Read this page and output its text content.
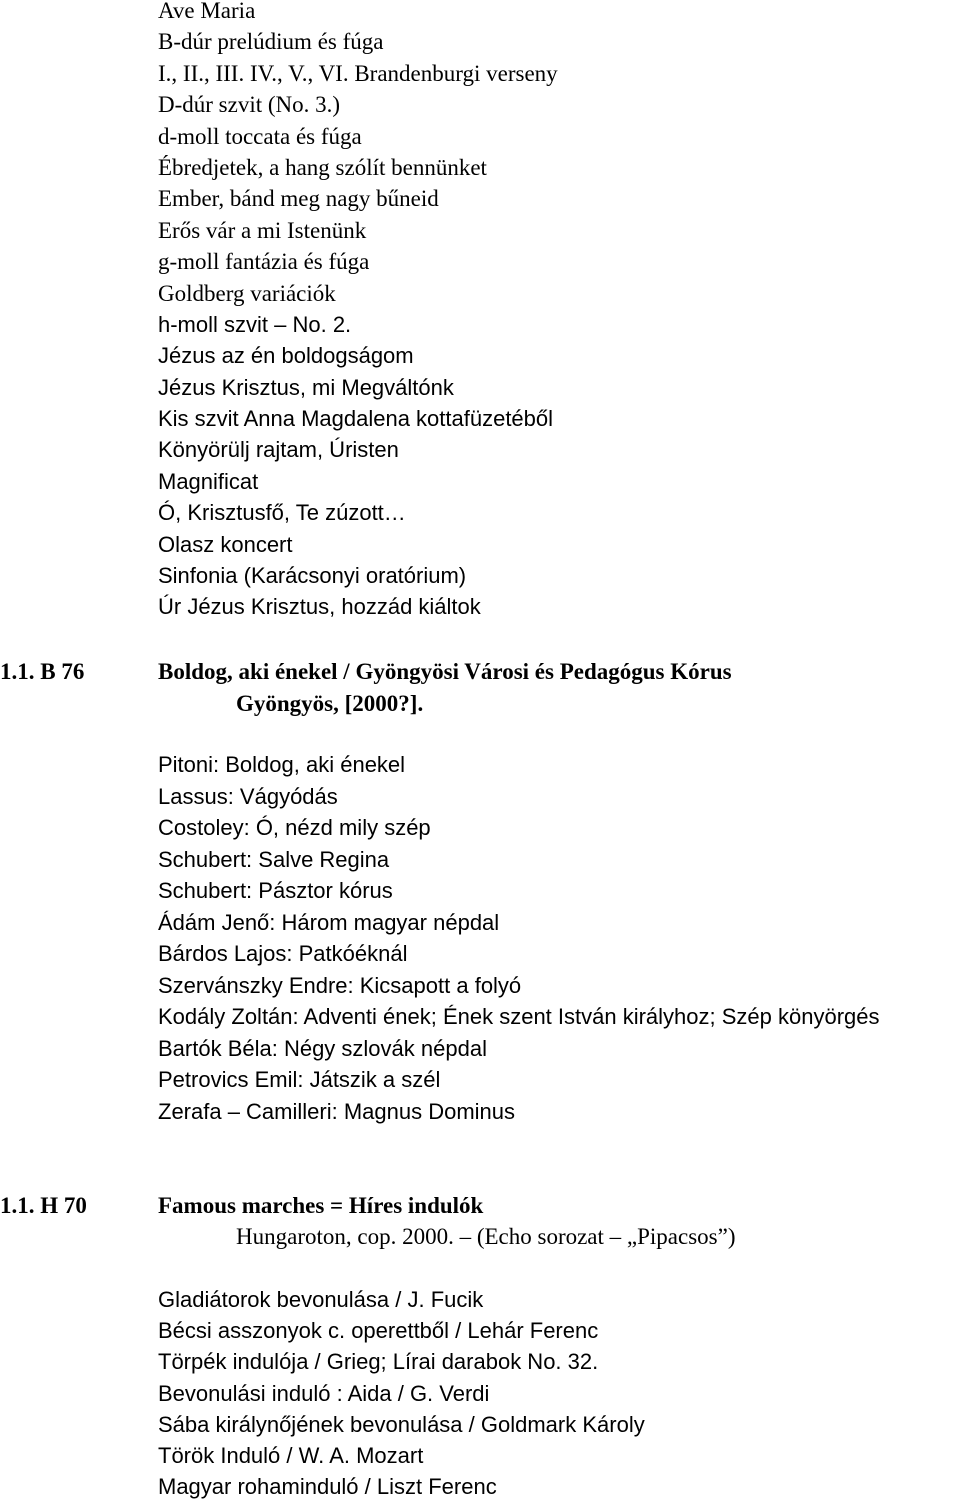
Ave Maria
B-dúr prelúdium és fúga
I., II., III. IV., V., VI. Brandenburgi verseny
D-dúr szvit (No. 3.)
d-moll toccata és fúga
Ébredjetek, a hang szólít bennünket
Ember, bánd meg nagy bűneid
Erős vár a mi Istenünk
g-moll fantázia és fúga
Goldberg variációk
h-moll szvit – No. 2.
Jézus az én boldogságom
Jézus Krisztus, mi Megváltónk
Kis szvit Anna Magdalena kottafüzetéből
Könyörülj rajtam, Úristen
Magnificat
Ó, Krisztusfő, Te zúzott…
Olasz koncert
Sinfonia (Karácsonyi oratórium)
Úr Jézus Krisztus, hozzád kiáltok
1.1. B 76	Boldog, aki énekel / Gyöngyösi Városi és Pedagógus Kórus
Gyöngyös, [2000?].
Pitoni: Boldog, aki énekel
Lassus: Vágyódás
Costoley: Ó, nézd mily szép
Schubert: Salve Regina
Schubert: Pásztor kórus
Ádám Jenő: Három magyar népdal
Bárdos Lajos: Patkóéknál
Szervánszky Endre: Kicsapott a folyó
Kodály Zoltán: Adventi ének; Ének szent István királyhoz; Szép könyörgés
Bartók Béla: Négy szlovák népdal
Petrovics Emil: Játszik a szél
Zerafa – Camilleri: Magnus Dominus
1.1. H 70	Famous marches = Híres indulók
Hungaroton, cop. 2000. – (Echo sorozat – „Pipacsos”)
Gladiátorok bevonulása / J. Fucik
Bécsi asszonyok c. operettből / Lehár Ferenc
Törpék indulója / Grieg; Lírai darabok No. 32.
Bevonulási induló : Aida / G. Verdi
Sába királynőjének bevonulása / Goldmark Károly
Török Induló / W. A. Mozart
Magyar rohaminduló / Liszt Ferenc
